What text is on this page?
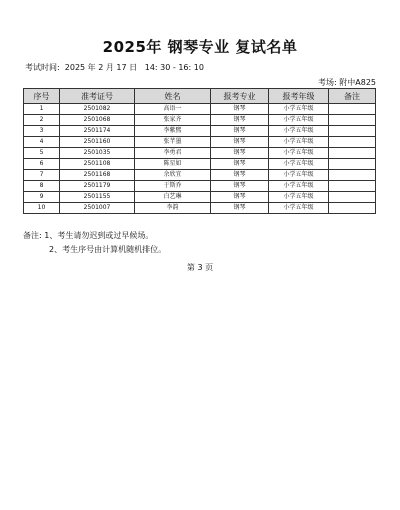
2025年 钢琴专业 复试名单
考试时间:  2025 年 2 月 17 日   14: 30 - 16: 10
考场: 附中A825
序号	准考证号	姓名	报考专业	报考年级	备注
1	2501082	高语一	钢琴	小学五年级	
2	2501068	张家齐	钢琴	小学五年级	
3	2501174	李紫煕	钢琴	小学五年级	
4	2501160	张芊墨	钢琴	小学五年级	
5	2501035	李勇君	钢琴	小学五年级	
6	2501108	陈星如	钢琴	小学五年级	
7	2501168	余欣宜	钢琴	小学五年级	
8	2501179	于斯乔	钢琴	小学五年级	
9	2501155	白艺琳	钢琴	小学五年级	
10	2501007	李韵	钢琴	小学五年级	
备注: 1、考生请勿迟到或过早候场。
2、考生序号由计算机随机排位。
第 3 页
